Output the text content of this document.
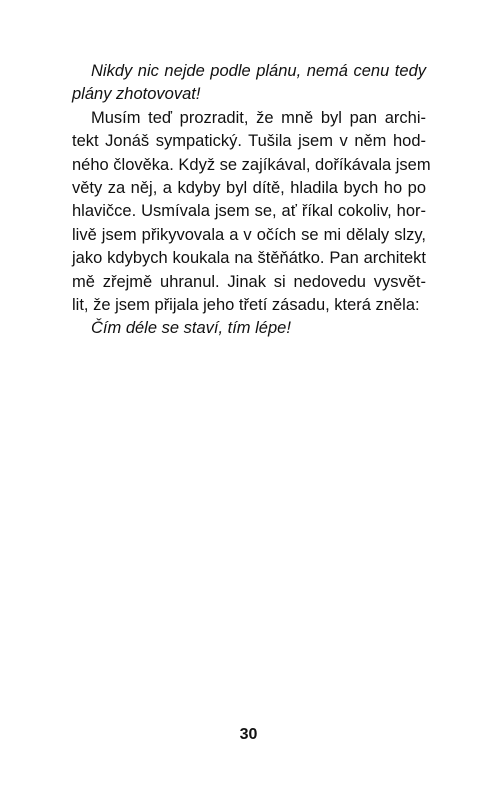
Nikdy nic nejde podle plánu, nemá cenu tedy
plány zhotovovat!
Musím teď prozradit, že mně byl pan archi-
tekt Jonáš sympatický. Tušila jsem v něm hod-
ného člověka. Když se zajíkával, doříkávala jsem
věty za něj, a kdyby byl dítě, hladila bych ho po
hlavičce. Usmívala jsem se, ať říkal cokoliv, hor-
livě jsem přikyvovala a v očích se mi dělaly slzy,
jako kdybych koukala na štěňátko. Pan architekt
mě zřejmě uhranul. Jinak si nedovedu vysvět-
lit, že jsem přijala jeho třetí zásadu, která zněla:
Čím déle se staví, tím lépe!
30
